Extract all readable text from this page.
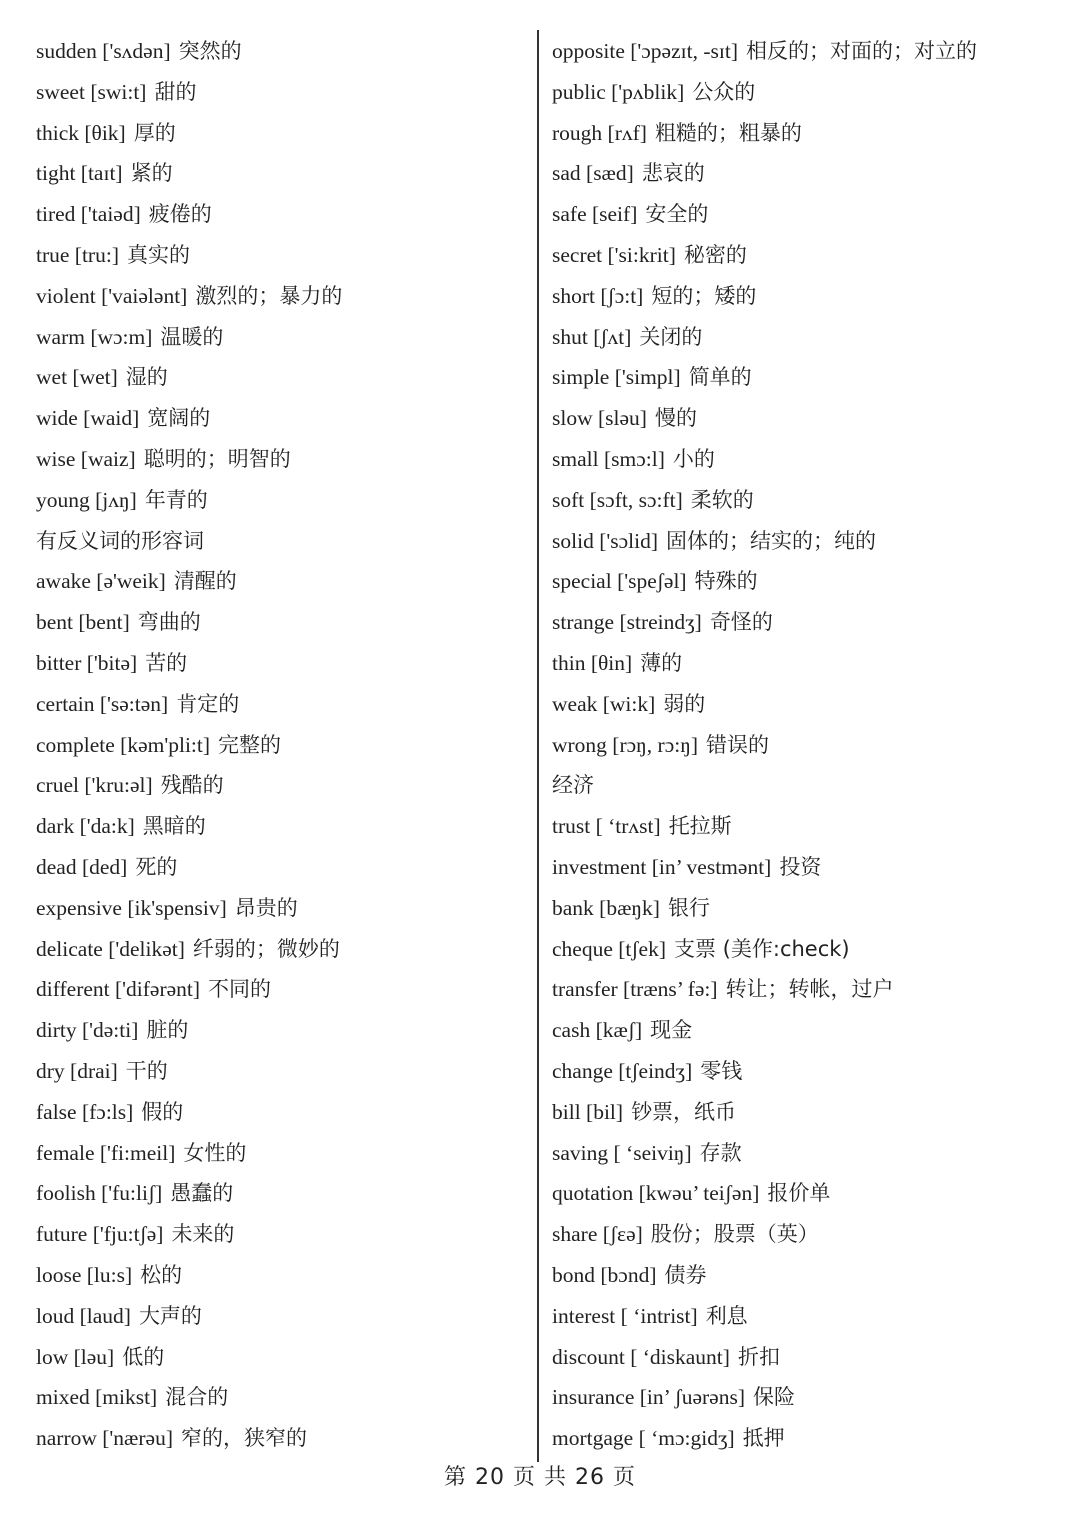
sudden ['sʌdən] 突然的
sweet [swi:t] 甜的
thick [θik] 厚的
tight [taɪt] 紧的
tired ['taiəd] 疲倦的
true [tru:] 真实的
violent ['vaiələnt] 激烈的；暴力的
warm [wɔ:m] 温暖的
wet [wet] 湿的
wide [waid] 宽阔的
wise [waiz] 聪明的；明智的
young [jʌŋ] 年青的
有反义词的形容词
awake [ə'weik] 清醒的
bent [bent] 弯曲的
bitter ['bitə] 苦的
certain ['sə:tən] 肯定的
complete [kəm'pli:t] 完整的
cruel ['kru:əl] 残酷的
dark ['da:k] 黑暗的
dead [ded] 死的
expensive [ik'spensiv] 昂贵的
delicate ['delikət] 纤弱的；微妙的
different ['difərənt] 不同的
dirty ['də:ti] 脏的
dry [drai] 干的
false [fɔ:ls] 假的
female ['fi:meil] 女性的
foolish ['fu:liʃ] 愚蠢的
future ['fju:tʃə] 未来的
loose [lu:s] 松的
loud [laud] 大声的
low [ləu] 低的
mixed [mikst] 混合的
narrow ['nærəu] 窄的，狭窄的
opposite ['ɔpəzɪt, -sɪt] 相反的；对面的；对立的
public ['pʌblik] 公众的
rough [rʌf] 粗糙的；粗暴的
sad [sæd] 悲哀的
safe [seif] 安全的
secret ['si:krit] 秘密的
short [ʃɔ:t] 短的；矮的
shut [ʃʌt] 关闭的
simple ['simpl] 简单的
slow [sləu] 慢的
small [smɔ:l] 小的
soft [sɔft, sɔ:ft] 柔软的
solid ['sɔlid] 固体的；结实的；纯的
special ['speʃəl] 特殊的
strange [streindʒ] 奇怪的
thin [θin] 薄的
weak [wi:k] 弱的
wrong [rɔŋ, rɔ:ŋ] 错误的
经济
trust [ ‘trʌst] 托拉斯
investment [in’ vestmənt] 投资
bank [bæŋk] 银行
cheque [tʃek] 支票 (美作:check)
transfer [træns’ fə:] 转让；转帐，过户
cash [kæʃ] 现金
change [tʃeindʒ] 零钱
bill [bil] 钞票，纸币
saving [ ‘seiviŋ] 存款
quotation [kwəu’ teiʃən] 报价单
share [ʃεə] 股份；股票（英）
bond [bɔnd] 债券
interest [ ‘intrist] 利息
discount [ ‘diskaunt] 折扣
insurance [in’ ʃuərəns] 保险
mortgage [ ‘mɔ:gidʒ] 抵押
第 20 页 共 26 页
